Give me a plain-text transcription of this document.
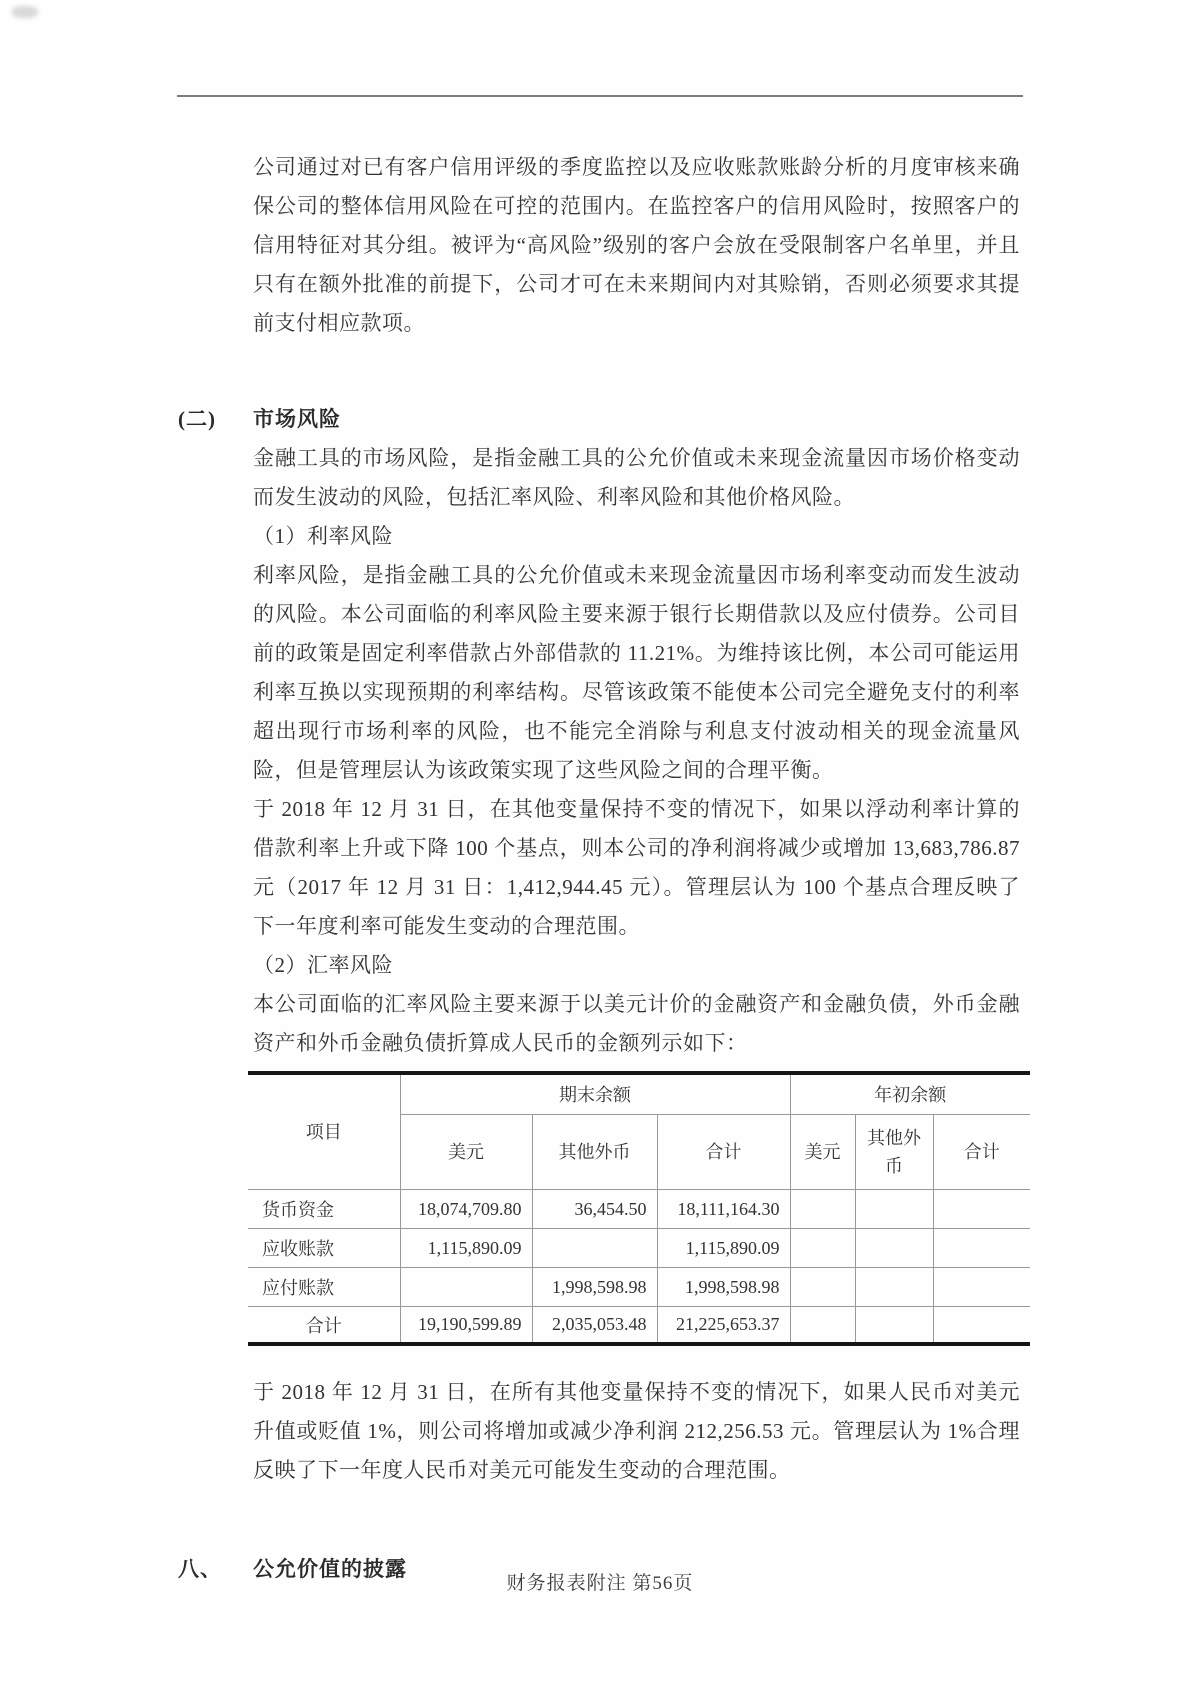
公司通过对已有客户信用评级的季度监控以及应收账款账龄分析的月度审核来确保公司的整体信用风险在可控的范围内。在监控客户的信用风险时，按照客户的信用特征对其分组。被评为“高风险”级别的客户会放在受限制客户名单里，并且只有在额外批准的前提下，公司才可在未来期间内对其赊销，否则必须要求其提前支付相应款项。

(二) 市场风险

金融工具的市场风险，是指金融工具的公允价值或未来现金流量因市场价格变动而发生波动的风险，包括汇率风险、利率风险和其他价格风险。

（1）利率风险

利率风险，是指金融工具的公允价值或未来现金流量因市场利率变动而发生波动的风险。本公司面临的利率风险主要来源于银行长期借款以及应付债券。公司目前的政策是固定利率借款占外部借款的 11.21%。为维持该比例，本公司可能运用利率互换以实现预期的利率结构。尽管该政策不能使本公司完全避免支付的利率超出现行市场利率的风险，也不能完全消除与利息支付波动相关的现金流量风险，但是管理层认为该政策实现了这些风险之间的合理平衡。

于 2018 年 12 月 31 日，在其他变量保持不变的情况下，如果以浮动利率计算的借款利率上升或下降 100 个基点，则本公司的净利润将减少或增加 13,683,786.87 元（2017 年 12 月 31 日：1,412,944.45 元）。管理层认为 100 个基点合理反映了下一年度利率可能发生变动的合理范围。

（2）汇率风险

本公司面临的汇率风险主要来源于以美元计价的金融资产和金融负债，外币金融资产和外币金融负债折算成人民币的金额列示如下：

项目	期末余额			年初余额		
	美元	其他外币	合计	美元	其他外币	合计
货币资金	18,074,709.80	36,454.50	18,111,164.30			
应收账款	1,115,890.09		1,115,890.09			
应付账款		1,998,598.98	1,998,598.98			
合计	19,190,599.89	2,035,053.48	21,225,653.37			

于 2018 年 12 月 31 日，在所有其他变量保持不变的情况下，如果人民币对美元升值或贬值 1%，则公司将增加或减少净利润 212,256.53 元。管理层认为 1%合理反映了下一年度人民币对美元可能发生变动的合理范围。

八、 公允价值的披露
财务报表附注 第56页
